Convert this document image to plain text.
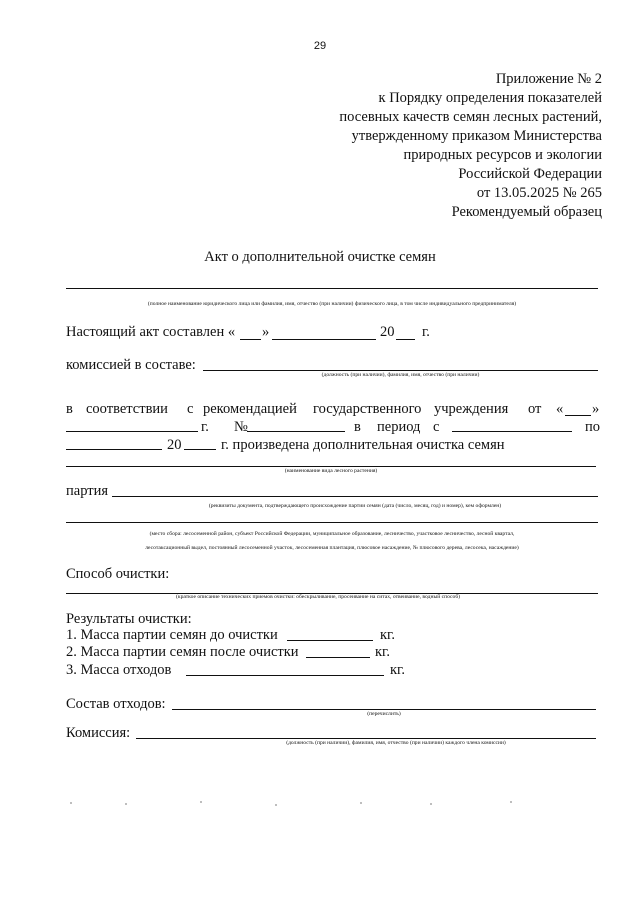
29
Приложение № 2
к Порядку определения показателей
посевных качеств семян лесных растений,
утвержденному приказом Министерства
природных ресурсов и экологии
Российской Федерации
от 13.05.2025 № 265
Рекомендуемый образец
Акт о дополнительной очистке семян
(полное наименование юридического лица или фамилия, имя, отчество (при наличии) физического лица, в том числе индивидуального предпринимателя)
Настоящий акт составлен « »	20 г.
комиссией в составе:
(должность (при наличии), фамилия, имя, отчество (при наличии)
в соответствии с рекомендацией государственного учреждения от « »
г. №	в период с	по
20	г. произведена дополнительная очистка семян
(наименование вида лесного растения)
партия
(реквизиты документа, подтверждающего происхождение партии семян (дата (число, месяц, год) и номер), кем оформлен)
(место сбора: лесосеменной район, субъект Российской Федерации, муниципальное образование, лесничество, участковое лесничество, лесной квартал,
лесотаксационный выдел, постоянный лесосеменной участок, лесосеменная плантация, плюсовое насаждение, № плюсового дерева, лесосека, насаждение)
Способ очистки:
(краткое описание технических приемов очистки: обескрыливание, просеивание на ситах, отвеивание, водный способ)
Результаты очистки:
1. Масса партии семян до очистки	кг.
2. Масса партии семян после очистки	кг.
3. Масса отходов	кг.
Состав отходов:
(перечислить)
Комиссия:
(должность (при наличии), фамилия, имя, отчество (при наличии) каждого члена комиссии)
